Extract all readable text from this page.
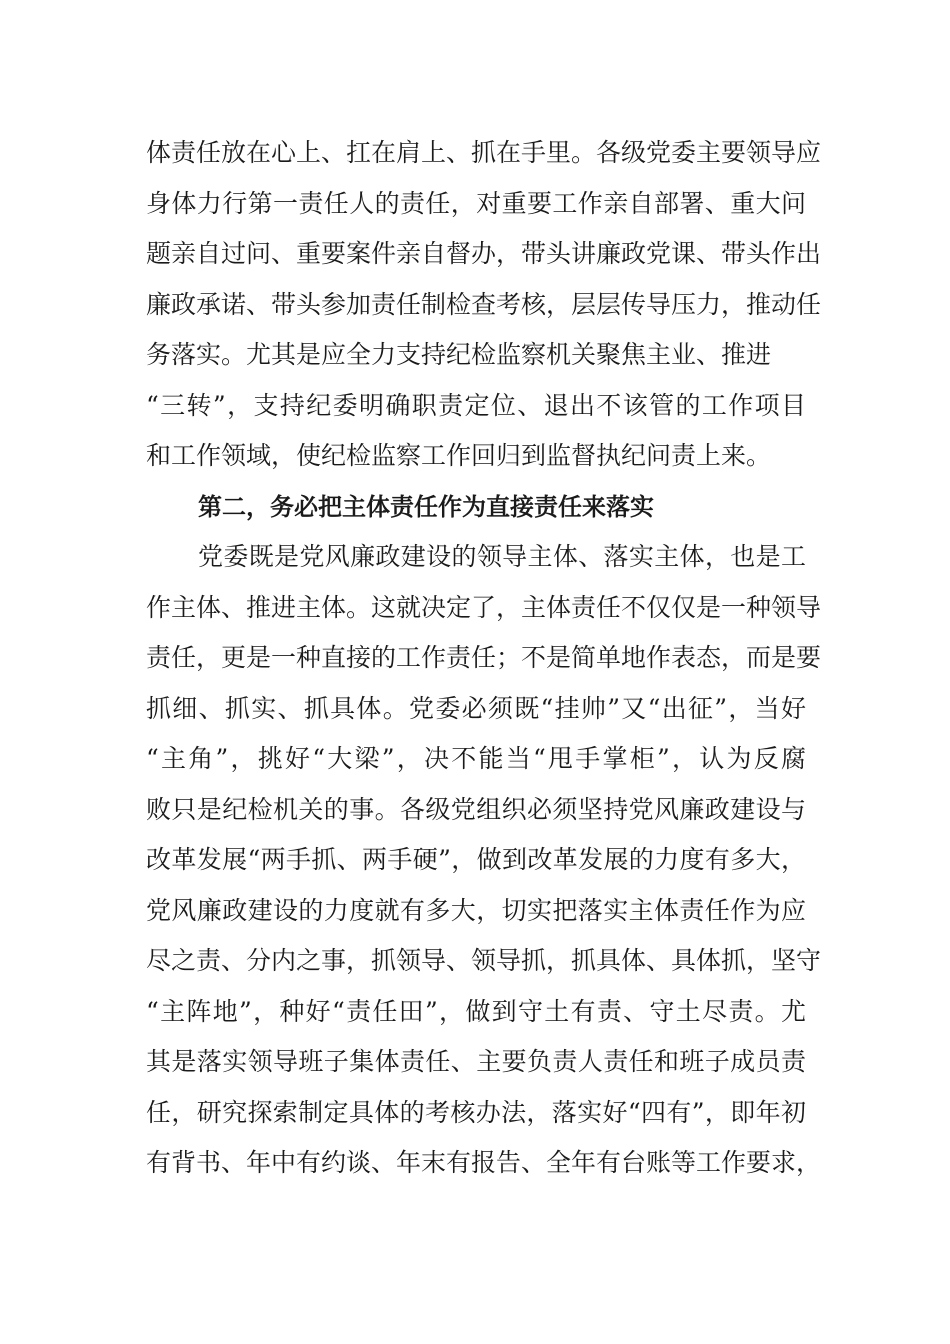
体责任放在心上、扛在肩上、抓在手里。各级党委主要领导应
身体力行第一责任人的责任，对重要工作亲自部署、重大问
题亲自过问、重要案件亲自督办，带头讲廉政党课、带头作出
廉政承诺、带头参加责任制检查考核，层层传导压力，推动任
务落实。尤其是应全力支持纪检监察机关聚焦主业、推进
“三转”，支持纪委明确职责定位、退出不该管的工作项目
和工作领域，使纪检监察工作回归到监督执纪问责上来。
第二，务必把主体责任作为直接责任来落实
党委既是党风廉政建设的领导主体、落实主体，也是工
作主体、推进主体。这就决定了，主体责任不仅仅是一种领导
责任，更是一种直接的工作责任；不是简单地作表态，而是要
抓细、抓实、抓具体。党委必须既“挂帅”又“出征”，当好
“主角”，挑好“大梁”，决不能当“甩手掌柜”，认为反腐
败只是纪检机关的事。各级党组织必须坚持党风廉政建设与
改革发展“两手抓、两手硬”，做到改革发展的力度有多大，
党风廉政建设的力度就有多大，切实把落实主体责任作为应
尽之责、分内之事，抓领导、领导抓，抓具体、具体抓，坚守
“主阵地”，种好“责任田”，做到守土有责、守土尽责。尤
其是落实领导班子集体责任、主要负责人责任和班子成员责
任，研究探索制定具体的考核办法，落实好“四有”，即年初
有背书、年中有约谈、年末有报告、全年有台账等工作要求，
